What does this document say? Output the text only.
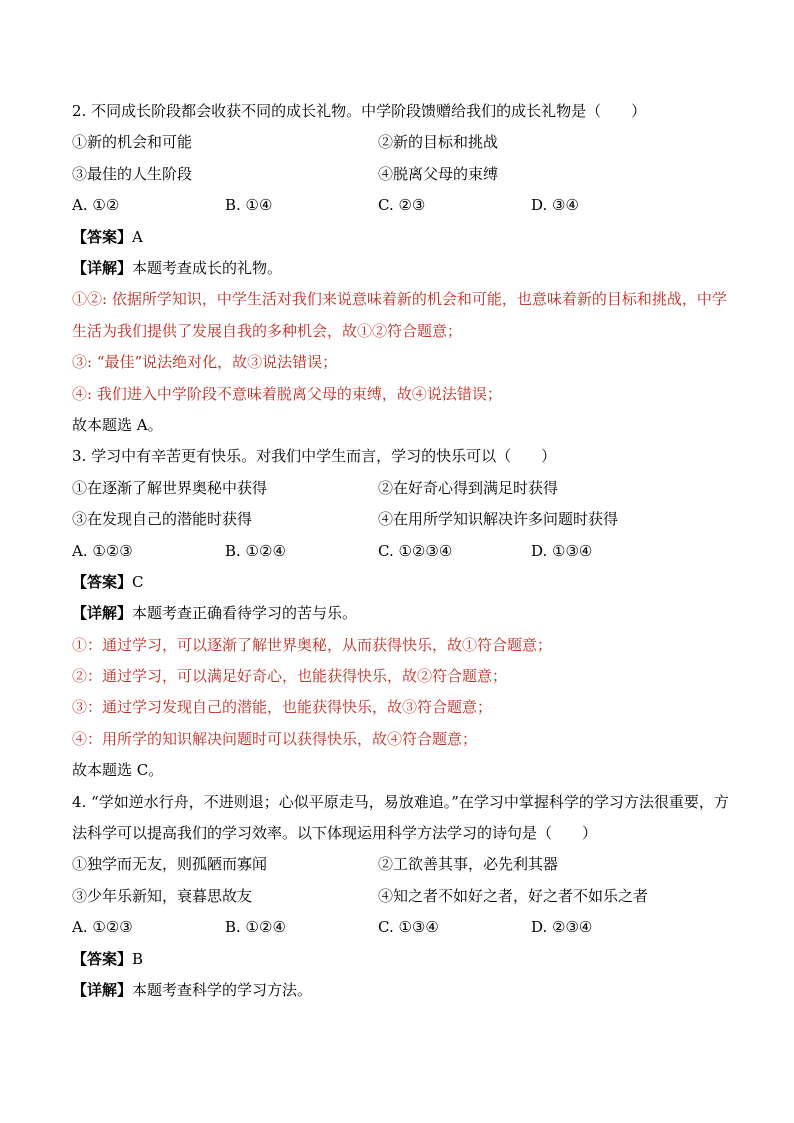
2. 不同成长阶段都会收获不同的成长礼物。中学阶段馈赠给我们的成长礼物是（　　）
①新的机会和可能	②新的目标和挑战
③最佳的人生阶段	④脱离父母的束缚
A. ①②	B. ①④	C. ②③	D. ③④
【答案】A
【详解】本题考查成长的礼物。
①②: 依据所学知识，中学生活对我们来说意味着新的机会和可能，也意味着新的目标和挑战，中学生活为我们提供了发展自我的多种机会，故①②符合题意；
③: “最佳”说法绝对化，故③说法错误；
④: 我们进入中学阶段不意味着脱离父母的束缚，故④说法错误；
故本题选 A。
3. 学习中有辛苦更有快乐。对我们中学生而言，学习的快乐可以（　　）
①在逐渐了解世界奥秘中获得	②在好奇心得到满足时获得
③在发现自己的潜能时获得	④在用所学知识解决许多问题时获得
A. ①②③	B. ①②④	C. ①②③④	D. ①③④
【答案】C
【详解】本题考查正确看待学习的苦与乐。
①：通过学习，可以逐渐了解世界奥秘，从而获得快乐，故①符合题意；
②：通过学习，可以满足好奇心，也能获得快乐，故②符合题意；
③：通过学习发现自己的潜能，也能获得快乐，故③符合题意；
④：用所学的知识解决问题时可以获得快乐，故④符合题意；
故本题选 C。
4. “学如逆水行舟，不进则退；心似平原走马，易放难追。”在学习中掌握科学的学习方法很重要，方法科学可以提高我们的学习效率。以下体现运用科学方法学习的诗句是（　　）
①独学而无友，则孤陋而寡闻	②工欲善其事，必先利其器
③少年乐新知，衰暮思故友	④知之者不如好之者，好之者不如乐之者
A. ①②③	B. ①②④	C. ①③④	D. ②③④
【答案】B
【详解】本题考查科学的学习方法。
